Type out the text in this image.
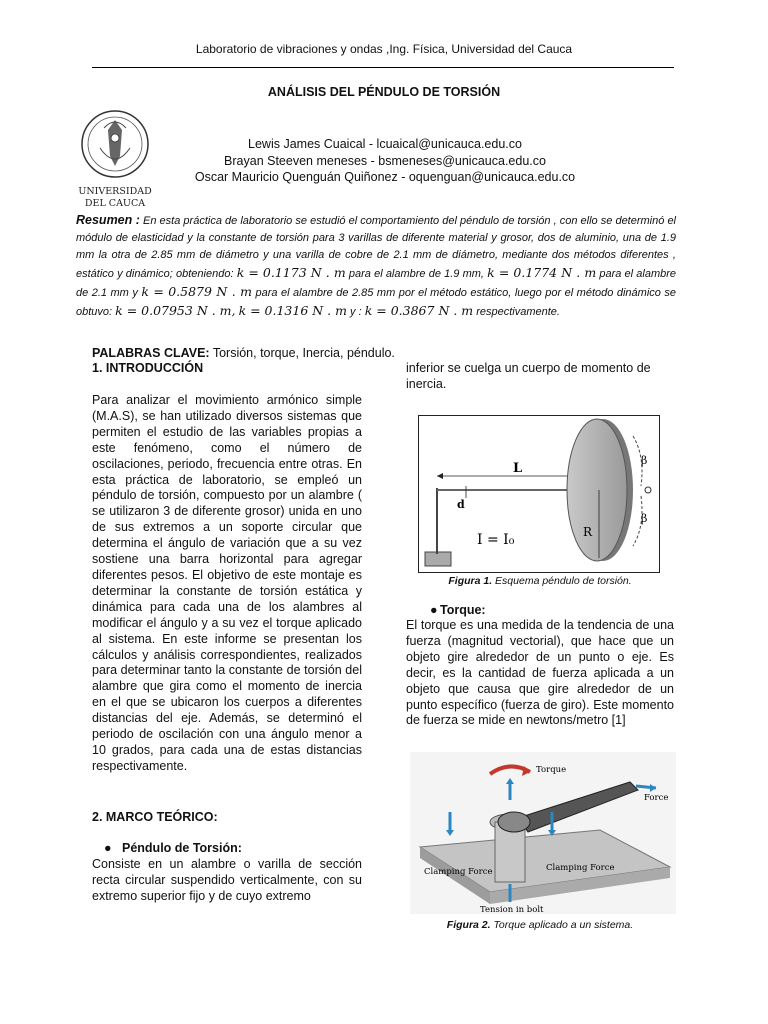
Laboratorio de vibraciones y ondas ,Ing. Física, Universidad del Cauca
ANÁLISIS DEL PÉNDULO DE TORSIÓN
UNIVERSIDAD
DEL CAUCA
Lewis James Cuaical - lcuaical@unicauca.edu.co
Brayan Steeven meneses - bsmeneses@unicauca.edu.co
Oscar Mauricio Quenguán Quiñonez - oquenguan@unicauca.edu.co
Resumen : En esta práctica de laboratorio se estudió el comportamiento del péndulo de torsión , con ello se determinó el módulo de elasticidad y la constante de torsión para 3 varillas de diferente material y grosor, dos de aluminio, una de 1.9 mm la otra de 2.85 mm de diámetro y una varilla de cobre de 2.1 mm de diámetro, mediante dos métodos diferentes , estático y dinámico; obteniendo: k = 0.1173 N . m para el alambre de 1.9 mm, k = 0.1774 N . m para el alambre de 2.1 mm y k = 0.5879 N . m para el alambre de 2.85 mm por el método estático, luego por el método dinámico se obtuvo: k = 0.07953 N . m, k = 0.1316 N . m y : k = 0.3867 N . m respectivamente.
PALABRAS CLAVE: Torsión, torque, Inercia, péndulo.
1. INTRODUCCIÓN
Para analizar el movimiento armónico simple (M.A.S), se han utilizado diversos sistemas que permiten el estudio de las variables propias a este fenómeno, como el número de oscilaciones, periodo, frecuencia entre otras. En esta práctica de laboratorio, se empleó un péndulo de torsión, compuesto por un alambre ( se utilizaron 3 de diferente grosor) unida en uno de sus extremos a un soporte circular que determina el ángulo de variación que a su vez sostiene una barra horizontal para agregar diferentes pesos. El objetivo de este montaje es determinar la constante de torsión estática y dinámica para cada una de los alambres al modificar el ángulo y a su vez el torque aplicado al sistema. En este informe se presentan los cálculos y análisis correspondientes, realizados para determinar tanto la constante de torsión del alambre que gira como el momento de inercia en el que se ubicaron los cuerpos a diferentes distancias del eje. Además, se determinó el periodo de oscilación con una ángulo menor a 10 grados, para cada una de estas distancias respectivamente.
2. MARCO TEÓRICO:
● Péndulo de Torsión:
Consiste en un alambre o varilla de sección recta circular suspendido verticalmente, con su extremo superior fijo y de cuyo extremo
inferior se cuelga un cuerpo de momento de inercia.
L
d
R
β
β
I = I₀
Figura 1. Esquema péndulo de torsión.
● Torque:
El torque es una medida de la tendencia de una fuerza (magnitud vectorial), que hace que un objeto gire alrededor de un punto o eje. Es decir, es la cantidad de fuerza aplicada a un objeto que causa que gire alrededor de un punto específico (fuerza de giro). Este momento de fuerza se mide en newtons/metro [1]
Torque
Force
Clamping Force	Clamping Force
Tension in bolt
Figura 2. Torque aplicado a un sistema.
